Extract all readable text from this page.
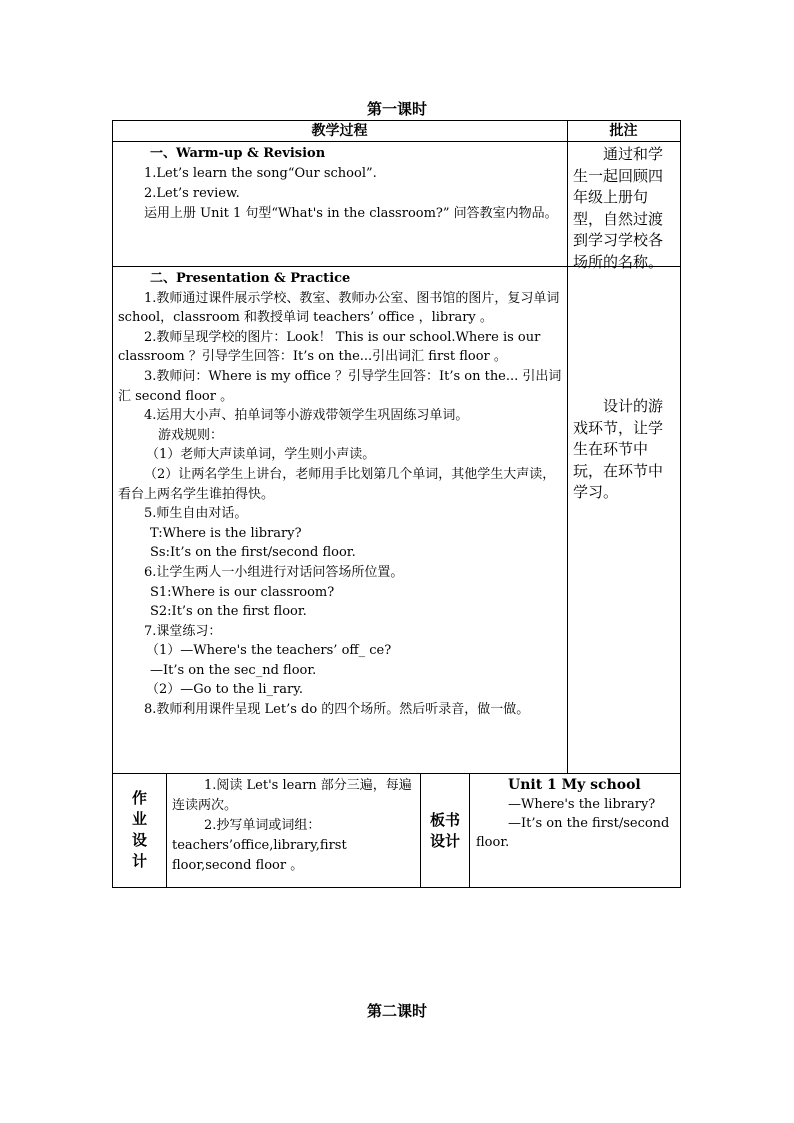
第一课时
教学过程	批注

一、Warm-up & Revision

1.Let’s learn the song“Our school”.

2.Let’s review.

运用上册 Unit 1 句型“What's in the classroom?” 问答教室内物品。

通过和学生一起回顾四年级上册句型，自然过渡到学习学校各场所的名称。

二、Presentation & Practice

1.教师通过课件展示学校、教室、教师办公室、图书馆的图片，复习单词 school，classroom 和教授单词 teachers’ office ，library 。

2.教师呈现学校的图片：Look！ This is our school.Where is our classroom ？引导学生回答：It’s on the...引出词汇 first floor 。

3.教师问：Where is my office ？引导学生回答：It’s on the... 引出词汇 second floor 。

4.运用大小声、拍单词等小游戏带领学生巩固练习单词。

游戏规则：

（1）老师大声读单词，学生则小声读。

（2）让两名学生上讲台，老师用手比划第几个单词，其他学生大声读，看台上两名学生谁拍得快。

5.师生自由对话。

T:Where is the library?

Ss:It’s on the first/second floor.

6.让学生两人一小组进行对话问答场所位置。

S1:Where is our classroom?

S2:It’s on the first floor.

7.课堂练习：

（1）—Where's the teachers’ off_ ce?

—It’s on the sec_nd floor.

（2）—Go to the li_rary.

8.教师利用课件呈现 Let’s do 的四个场所。然后听录音，做一做。

设计的游戏环节，让学生在环节中玩，在环节中学习。

作
业
设
计

1.阅读 Let's learn 部分三遍，每遍连读两次。

2.抄写单词或词组：

teachers’office,library,first

floor,second floor 。

板书
设计

Unit 1 My school

—Where's the library?

—It’s on the first/second floor.

第二课时
